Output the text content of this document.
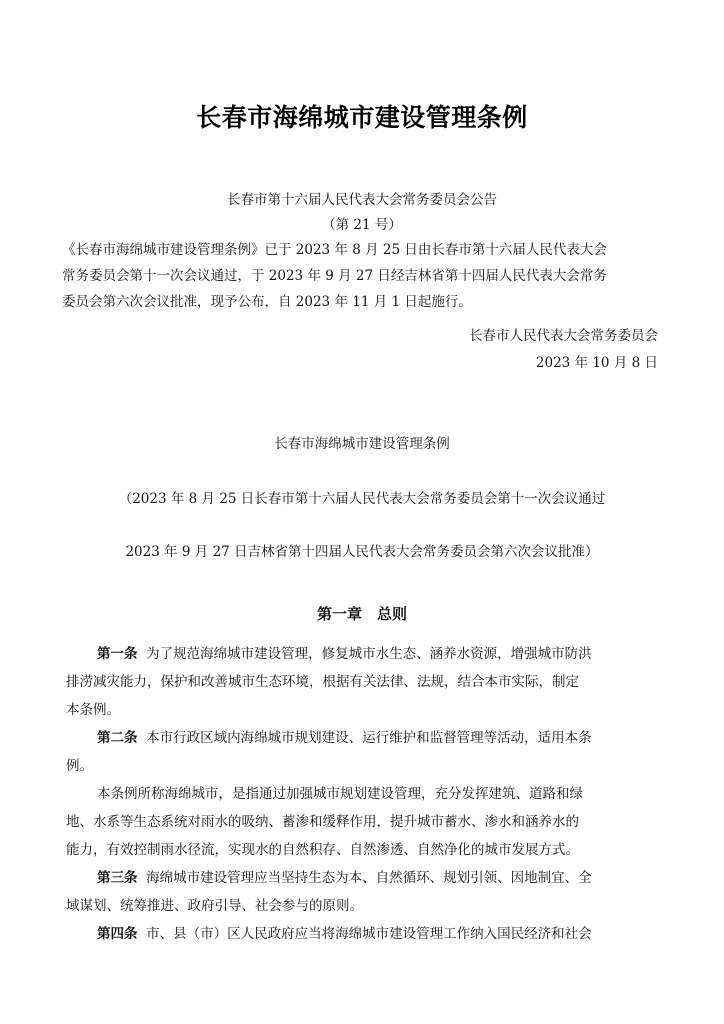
长春市海绵城市建设管理条例
长春市第十六届人民代表大会常务委员会公告
（第 21 号）
《长春市海绵城市建设管理条例》已于 2023 年 8 月 25 日由长春市第十六届人民代表大会
常务委员会第十一次会议通过，于 2023 年 9 月 27 日经吉林省第十四届人民代表大会常务
委员会第六次会议批准，现予公布，自 2023 年 11 月 1 日起施行。
长春市人民代表大会常务委员会
2023 年 10 月 8 日
长春市海绵城市建设管理条例
（2023 年 8 月 25 日长春市第十六届人民代表大会常务委员会第十一次会议通过
2023 年 9 月 27 日吉林省第十四届人民代表大会常务委员会第六次会议批准）
第一章　总则
第一条 为了规范海绵城市建设管理，修复城市水生态、涵养水资源，增强城市防洪
排涝减灾能力，保护和改善城市生态环境，根据有关法律、法规，结合本市实际，制定
本条例。
第二条 本市行政区域内海绵城市规划建设、运行维护和监督管理等活动，适用本条
例。
本条例所称海绵城市，是指通过加强城市规划建设管理，充分发挥建筑、道路和绿
地、水系等生态系统对雨水的吸纳、蓄渗和缓释作用，提升城市蓄水、渗水和涵养水的
能力，有效控制雨水径流，实现水的自然积存、自然渗透、自然净化的城市发展方式。
第三条 海绵城市建设管理应当坚持生态为本、自然循环、规划引领、因地制宜、全
域谋划、统筹推进、政府引导、社会参与的原则。
第四条 市、县（市）区人民政府应当将海绵城市建设管理工作纳入国民经济和社会
